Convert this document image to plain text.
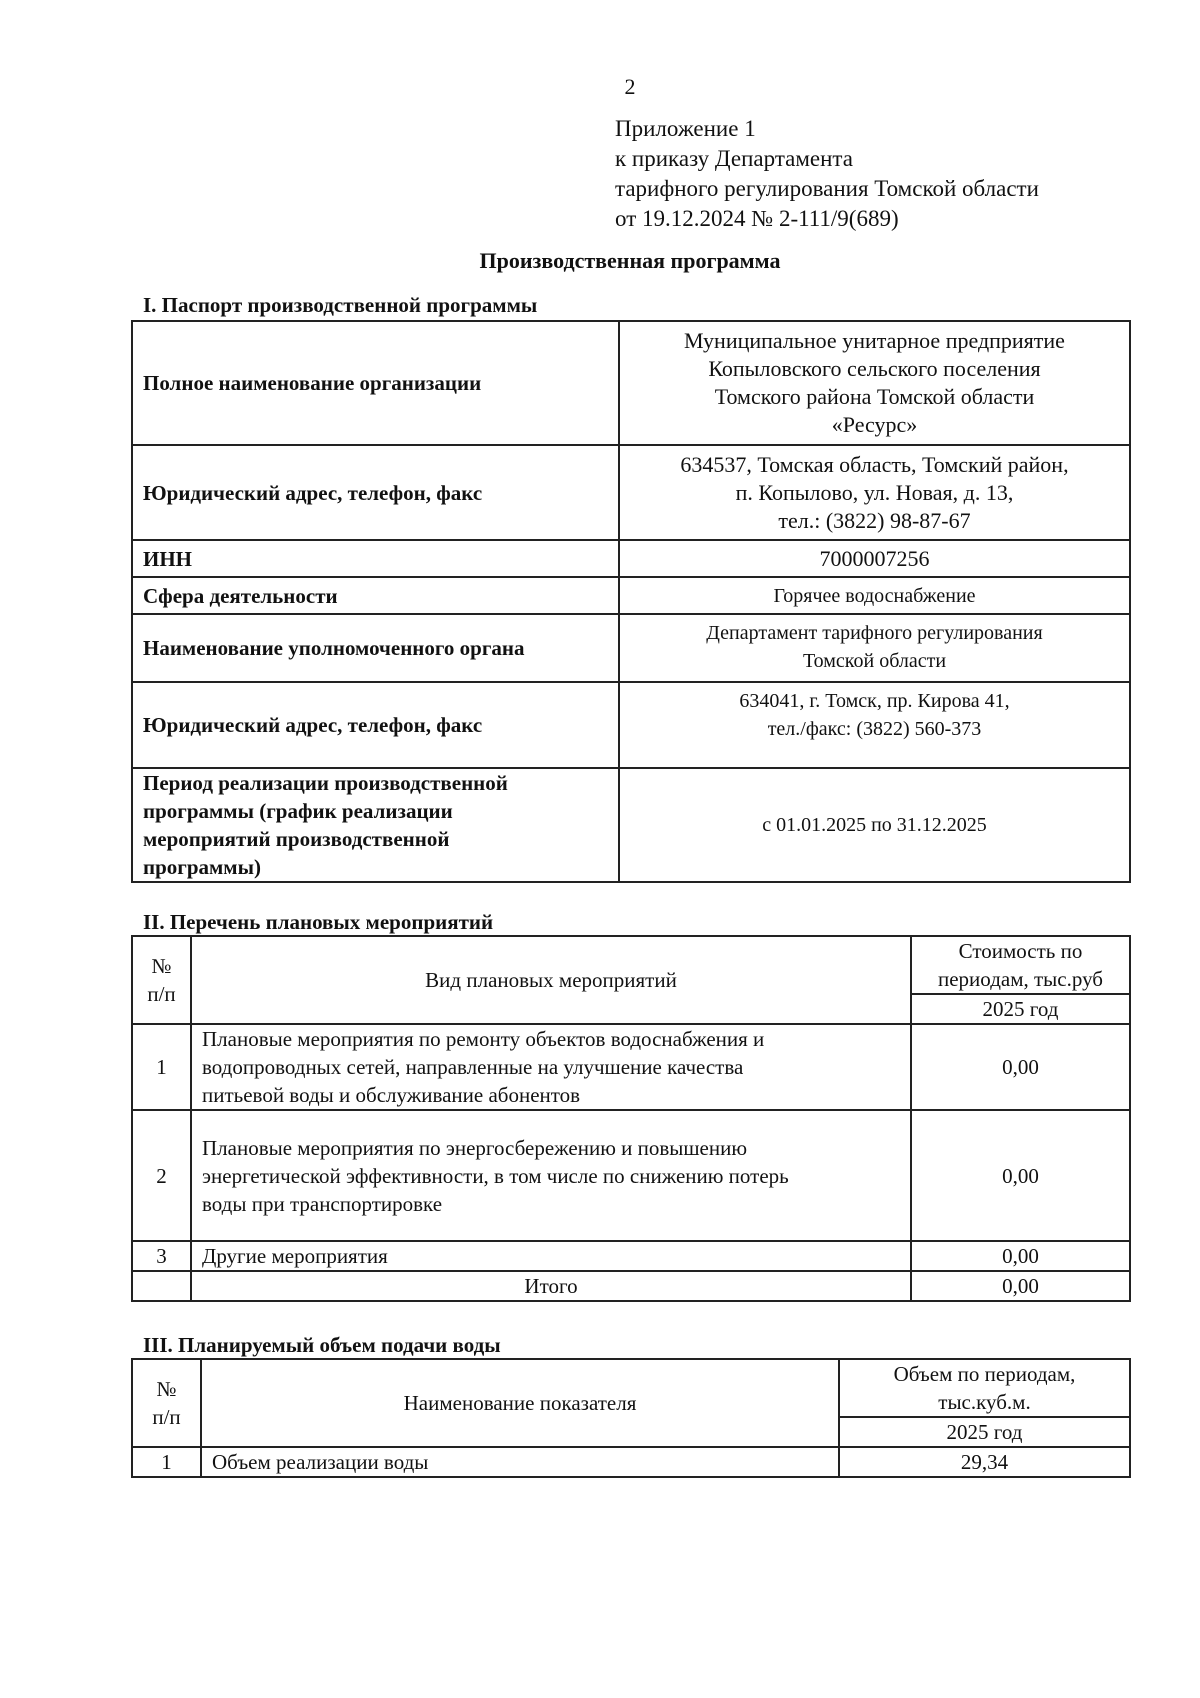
2
Приложение 1
к приказу Департамента
тарифного регулирования Томской области
от 19.12.2024 № 2-111/9(689)
Производственная программа
I. Паспорт производственной программы
Полное наименование организации	Муниципальное унитарное предприятие
Копыловского сельского поселения
Томского района Томской области
«Ресурс»

Юридический адрес, телефон, факс	634537, Томская область, Томский район,
п. Копылово, ул. Новая, д. 13,
тел.: (3822) 98-87-67

ИНН	7000007256

Сфера деятельности	Горячее водоснабжение

Наименование уполномоченного органа	Департамент тарифного регулирования
Томской области

Юридический адрес, телефон, факс	634041, г. Томск, пр. Кирова 41,
тел./факс: (3822) 560-373

Период реализации производственной
программы (график реализации
мероприятий производственной
программы)	с 01.01.2025 по 31.12.2025
II. Перечень плановых мероприятий
№
п/п	Вид плановых мероприятий	Стоимость по
периодам, тыс.руб

		2025 год
1	Плановые мероприятия по ремонту объектов водоснабжения и
водопроводных сетей, направленные на улучшение качества
питьевой воды и обслуживание абонентов	0,00
2	Плановые мероприятия по энергосбережению и повышению
энергетической эффективности, в том числе по снижению потерь
воды при транспортировке	0,00
3	Другие мероприятия	0,00
	Итого	0,00
III. Планируемый объем подачи воды
№
п/п	Наименование показателя	Объем по периодам,
тыс.куб.м.

		2025 год
1	Объем реализации воды	29,34
